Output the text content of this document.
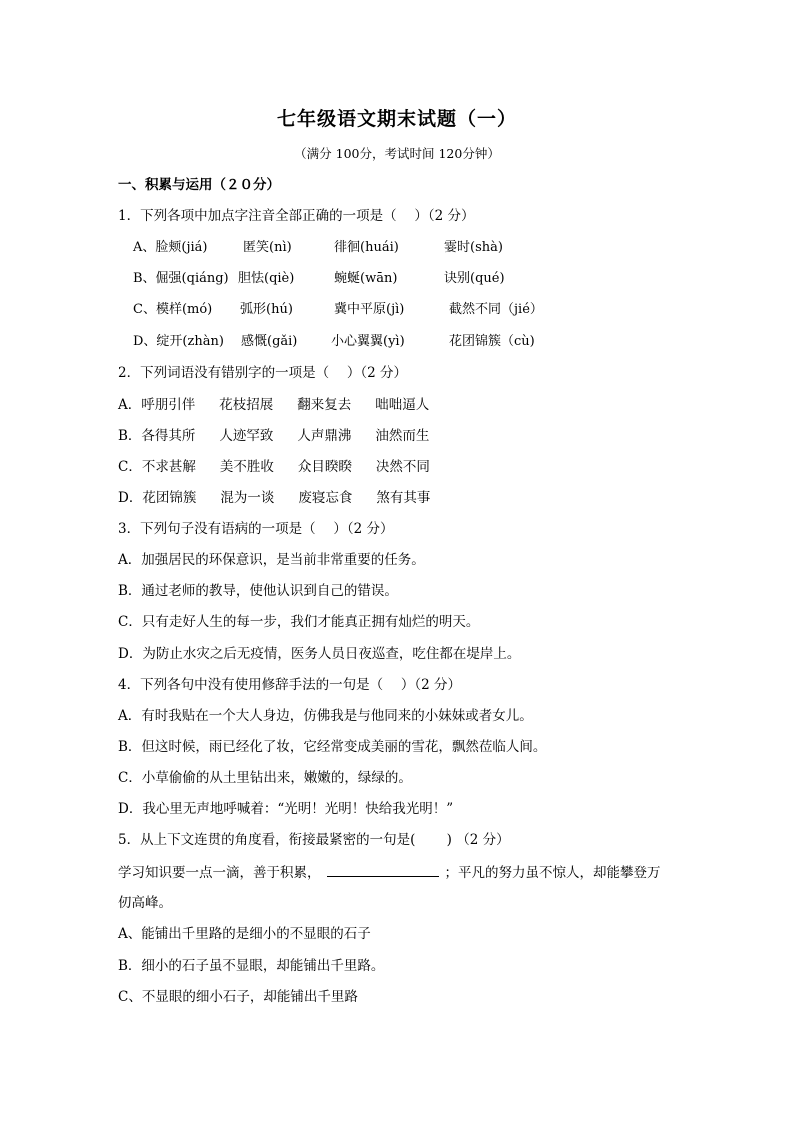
七年级语文期末试题（一）
（满分 100分，考试时间 120分钟）
一、积累与运用（２０分）
1．下列各项中加点字注音全部正确的一项是（　 ）（2 分）
A、脸颊(jiá)	匿笑(nì)	徘徊(huái)	霎时(shà)
B、倔强(qiáng) 胆怯(qiè)	蜿蜒(wān)	诀别(qué)
C、模样(mó) 弧形(hú)	冀中平原(jì)	截然不同（jié）
D、绽开(zhàn) 感慨(gǎi)	小心翼翼(yì)	花团锦簇（cù)
2．下列词语没有错别字的一项是（　 ）（2 分）
A．呼朋引伴 花枝招展 翻来复去 咄咄逼人
B．各得其所 人迹罕致 人声鼎沸 油然而生
C．不求甚解 美不胜收 众目睽睽 决然不同
D．花团锦簇 混为一谈 废寝忘食 煞有其事
3．下列句子没有语病的一项是（　 ）（2 分）
A．加强居民的环保意识，是当前非常重要的任务。
B．通过老师的教导，使他认识到自己的错误。
C．只有走好人生的每一步，我们才能真正拥有灿烂的明天。
D．为防止水灾之后无疫情，医务人员日夜巡查，吃住都在堤岸上。
4．下列各句中没有使用修辞手法的一句是（　 ）（2 分）
A．有时我贴在一个大人身边，仿佛我是与他同来的小妹妹或者女儿。
B．但这时候，雨已经化了妆，它经常变成美丽的雪花，飘然莅临人间。
C．小草偷偷的从土里钻出来，嫩嫩的，绿绿的。
D．我心里无声地呼喊着：“光明！光明！快给我光明！”
5．从上下文连贯的角度看，衔接最紧密的一句是(　　 ) （2 分）
学习知识要一点一滴，善于积累，	；平凡的努力虽不惊人，却能攀登万
仞高峰。
A、能铺出千里路的是细小的不显眼的石子
B．细小的石子虽不显眼，却能铺出千里路。
C、不显眼的细小石子，却能铺出千里路
